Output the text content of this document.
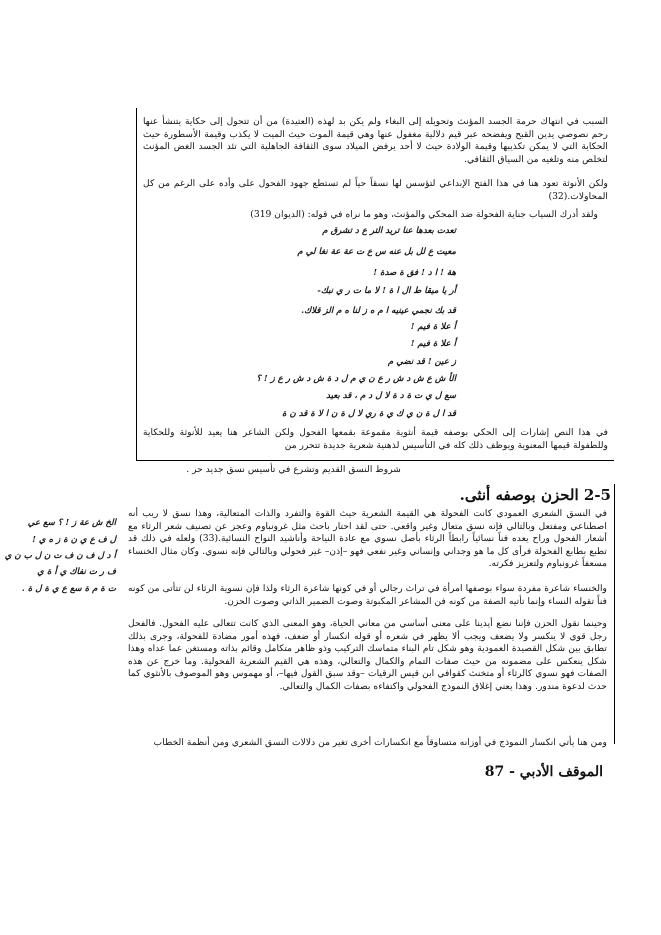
السبب في انتهاك حرمة الجسد المؤنث وتحويله إلى البغاء ولم يكن بد لهذه (العتيدة) من أن تتحول إلى حكاية يتنشأ عنها رحم نصوصي يدين القبح ويفضحه عبر قيم دلالية مغفول عنها وهي قيمة الموت حيث الميت لا يكذب وقيمة الأسطورة حيث الحكاية التي لا يمكن تكذيبها وقيمة الولادة حيث لا أحد يرفض الميلاد سوى الثقافة الجاهلية التي تئد الجسد الغض المؤنث لتخلص منه وتلغيه من السياق الثقافي.

ولكن الأنوثة تعود هنا في هذا الفتح الإبداعي لتؤسس لها نسقاً حياً لم تستطع جهود الفحول على وأده على الرغم من كل المحاولات.(32)

ولقد أدرك السياب جناية الفحولة ضد المحكي والمؤنث، وهو ما نراه في قوله: (الديوان 319)

تعدت بعدها عنا تريد التر ع د تشرق م
معيت ع لل بل عنه س ع ت عة عة نغا لي م
هة ! ا د ! فق ة صدة !
أر يا ميقا ط ال ا ة ! لا ما ت ر ي نبك-
قد بك نجمي عينيه ا م ه ز لنا ه م الز قلاك.
أ علا ة فيم !
أ علا ة فيم !
ز عين ! قد نضي م
الأ ش ع ش د ش ر ع ن ي م ل د ة ش د ش ر ع ز ! ؟
سع ل ي ت ة د ة لا ل د م ، قد بعيد
قد ا ل ة ن ي ك ي ة ري لا ل ة ن ا لا ة قد ن ة

في هذا النص إشارات إلى الحكي بوصفه قيمة أنثوية مقموعة بقمعها الفحول ولكن الشاعر هنا يعيد للأنوثة وللحكاية وللطفولة قيمها المعنوية ويوظف ذلك كله في التأسيس لذهنية شعرية جديدة تتحرر من

شروط النسق القديم وتشرع في تأسيس نسق جديد حر .

2-5 الحزن بوصفه أنثى.

في النسق الشعري العمودي كانت الفحولة هي القيمة الشعرية حيث القوة والتفرد والذات المتعالية، وهذا نسق لا ريب أنه اصطناعي ومفتعل وبالتالي فإنه نسق متعال وغير واقعي. حتى لقد احتار باحث مثل غرونباوم وعجز عن تصنيف شعر الرثاء مع أشعار الفحول وراح يعده فناً نسائياً رابطاً الرثاء بأصل نسوي مع عادة النياحة وأناشيد النواح النسائية.(33) ولعله في ذلك قد تطبع بطابع الفحولة فرأى كل ما هو وجداني وإنساني وغير نفعي فهو –إذن– غير فحولي وبالتالي فإنه نسوي. وكان مثال الخنساء مسعفاً غرونباوم ولتعزيز فكرته.

والخنساء شاعرة مفردة سواء بوصفها امرأة في تراث رجالي أو في كونها شاعرة الرثاء ولذا فإن نسوية الرثاء لن تتأتى من كونه فناً تقوله النساء وإنما تأتيه الصفة من كونه فن المشاعر المكبوتة وصوت الضمير الذاتي وصوت الحزن.

وحينما نقول الحزن فإننا نضع أيدينا على معنى أساسي من معاني الحياة، وهو المعنى الذي كانت تتعالى عليه الفحول. فالفحل رجل قوي لا ينكسر ولا يضعف ويجب ألا يظهر في شعره أو قوله انكسار أو ضعف، فهذه أمور مضادة للفحولة، وجرى بذلك تطابق بين شكل القصيدة العمودية وهو شكل تام البناء متماسك التركيب وذو ظاهر متكامل وقائم بذاته ومستغن عما عداه وهذا شكل ينعكس على مضمونه من حيث صفات التمام والكمال والتعالي، وهذه هي القيم الشعرية الفحولية. وما خرج عن هذه الصفات فهو نسوي كالرثاء أو متخنث كقوافي ابن قيس الرقيات –وقد سبق القول فيها–، أو مهموس وهو الموصوف بالأنثوي كما حدث لدعوة مندور. وهذا يعني إغلاق النموذج الفحولي واكتفاءه بصفات الكمال والتعالي.

ومن هنا يأتي انكسار النموذج في أوزانه متساوقاً مع انكسارات أخرى تغير من دلالات النسق الشعري ومن أنظمة الخطاب

الخ ش عة ز ! ؟ سع عي
ل ف ع ي ن ة ز ه ي !
أ د ل ف ن ف ت ن ل ب ن ي
ف ر ت نفاك ي أ ة ي
ت ة م ة سع ع ي ة ل ة .
الموقف الأدبي - 87
